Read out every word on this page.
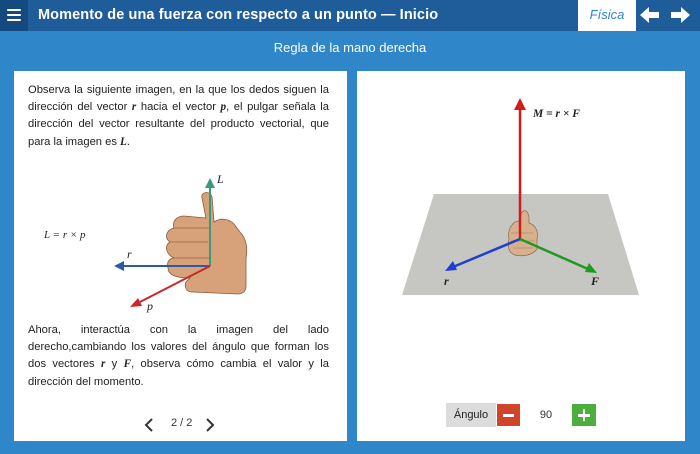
Momento de una fuerza con respecto a un punto — Inicio	Física
Regla de la mano derecha

Observa la siguiente imagen, en la que los dedos siguen la dirección del vector r hacia el vector p, el pulgar señala la dirección del vector resultante del producto vectorial, que para la imagen es L.

L = r × p
L
r
p

Ahora, interactúa con la imagen del lado derecho,cambiando los valores del ángulo que forman los dos vectores r y F, observa cómo cambia el valor y la dirección del momento.

2 / 2
M = r × F
r	F
Ángulo
90
